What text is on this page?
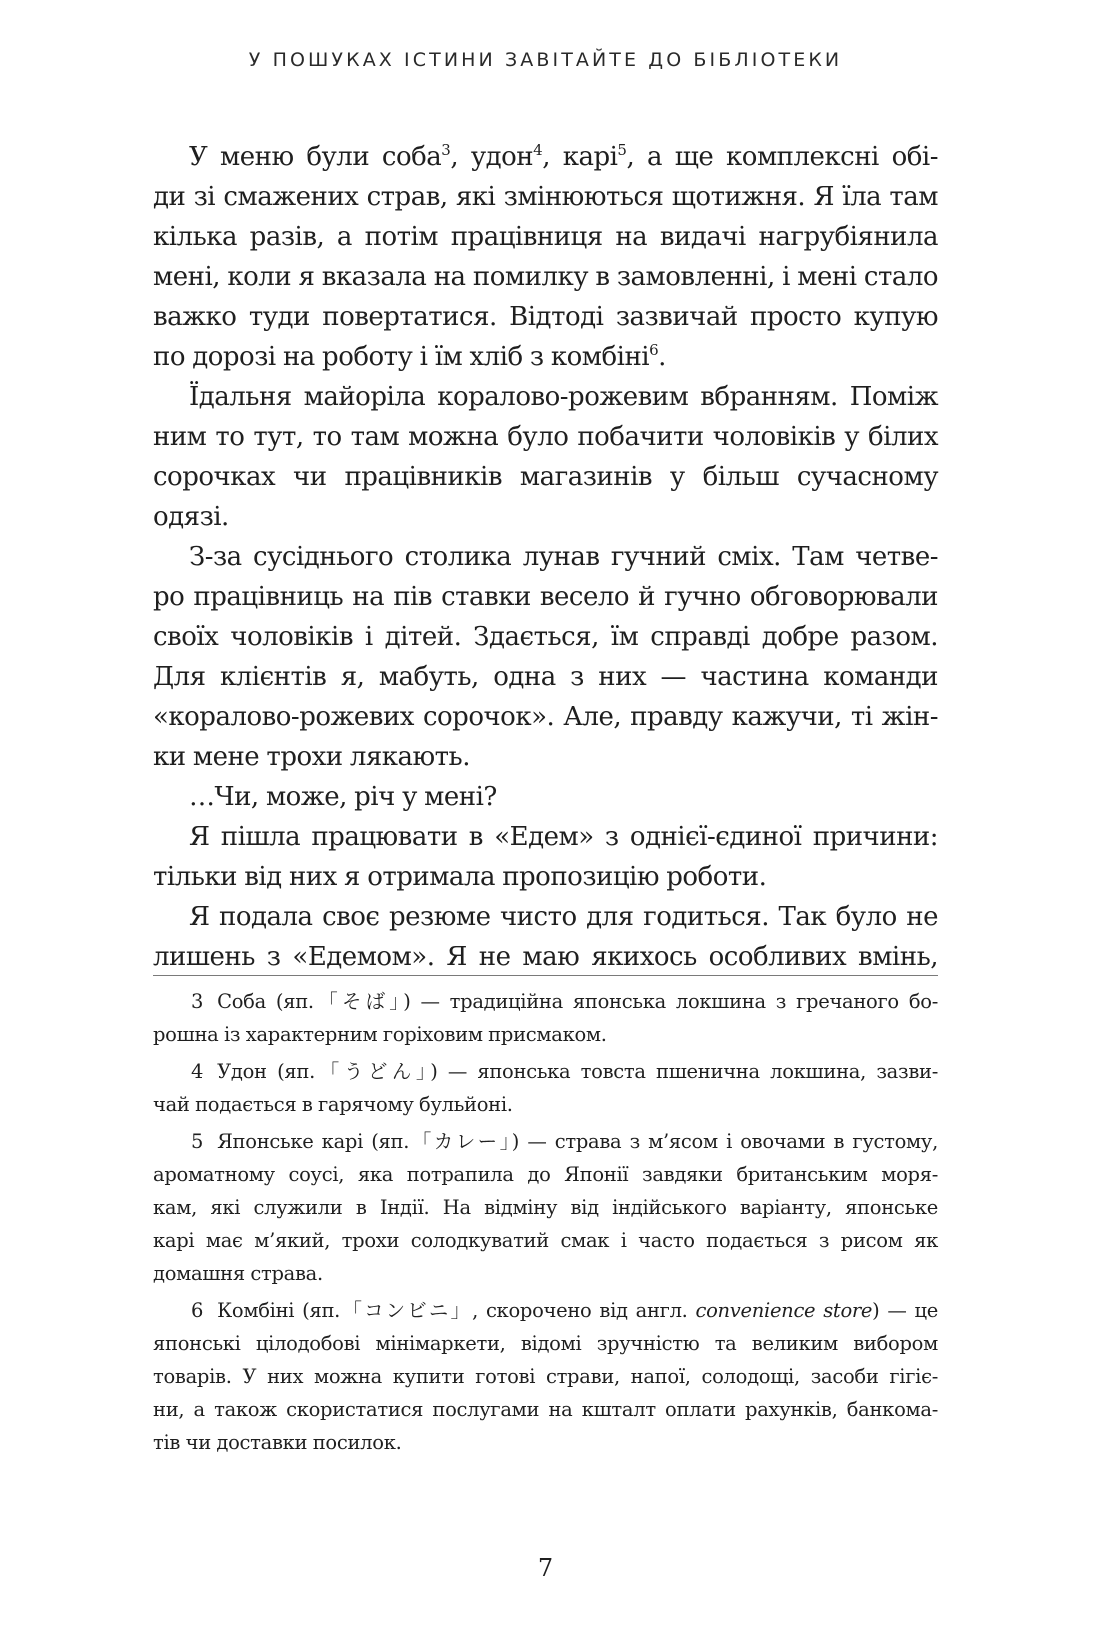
У ПОШУКАХ ІСТИНИ ЗАВІТАЙТЕ ДО БІБЛІОТЕКИ
У меню були соба$^3$, удон$^4$, карі$^5$, а ще комплексні обі-
ди зі смажених страв, які змінюються щотижня. Я їла там
кілька разів, а потім працівниця на видачі нагрубіянила
мені, коли я вказала на помилку в замовленні, і мені стало
важко туди повертатися. Відтоді зазвичай просто купую
по дорозі на роботу і їм хліб з комбіні$^6$.
Їдальня майоріла коралово-рожевим вбранням. Поміж
ним то тут, то там можна було побачити чоловіків у білих
сорочках чи працівників магазинів у більш сучасному одязі.
З-за сусіднього столика лунав гучний сміх. Там четве-
ро працівниць на пів ставки весело й гучно обговорювали
своїх чоловіків і дітей. Здається, їм справді добре разом.
Для клієнтів я, мабуть, одна з них — частина команди
«коралово-рожевих сорочок». Але, правду кажучи, ті жін-
ки мене трохи лякають.
…Чи, може, річ у мені?
Я пішла працювати в «Едем» з однієї-єдиної причини:
тільки від них я отримала пропозицію роботи.
Я подала своє резюме чисто для годиться. Так було не
лишень з «Едемом». Я не маю якихось особливих вмінь,
3 Соба (яп.「そば」) — традиційна японська локшина з гречаного бо-
рошна із характерним горіховим присмаком.
4 Удон (яп.「うどん」) — японська товста пшенична локшина, зазви-
чай подається в гарячому бульйоні.
5 Японське карі (яп.「カレー」) — страва з м’ясом і овочами в густому,
ароматному соусі, яка потрапила до Японії завдяки британським моря-
кам, які служили в Індії. На відміну від індійського варіанту, японське
карі має м’який, трохи солодкуватий смак і часто подається з рисом як
домашня страва.
6 Комбіні (яп.「コンビニ」, скорочено від англ. convenience store) — це
японські цілодобові мінімаркети, відомі зручністю та великим вибором
товарів. У них можна купити готові страви, напої, солодощі, засоби гігіє-
ни, а також скористатися послугами на кшталт оплати рахунків, банкома-
тів чи доставки посилок.
7
